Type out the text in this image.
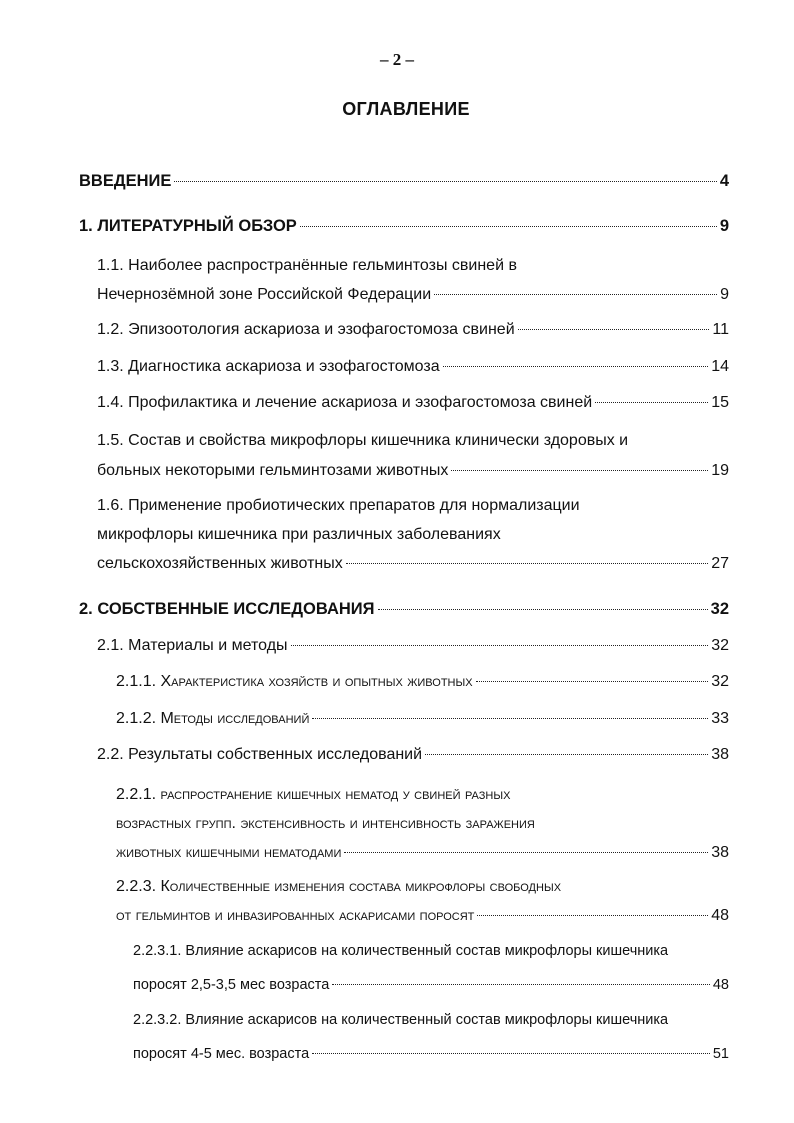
– 2 –
ОГЛАВЛЕНИЕ
ВВЕДЕНИЕ	4
1. ЛИТЕРАТУРНЫЙ ОБЗОР	9
1.1. Наиболее распространённые гельминтозы свиней в
Нечернозёмной зоне Российской Федерации	9
1.2. Эпизоотология аскариоза и эзофагостомоза свиней	11
1.3. Диагностика аскариоза и эзофагостомоза	14
1.4. Профилактика и лечение аскариоза и эзофагостомоза свиней	15
1.5. Состав и свойства микрофлоры кишечника клинически здоровых и
больных некоторыми гельминтозами животных	19
1.6. Применение пробиотических препаратов для нормализации
микрофлоры кишечника при различных заболеваниях
сельскохозяйственных животных	27
2. СОБСТВЕННЫЕ ИССЛЕДОВАНИЯ	32
2.1. Материалы и методы	32
2.1.1. Характеристика хозяйств и опытных животных	32
2.1.2. Методы исследований	33
2.2. Результаты собственных исследований	38
2.2.1. распространение кишечных нематод у свиней разных
возрастных групп. экстенсивность и интенсивность заражения
животных кишечными нематодами	38
2.2.3. Количественные изменения состава микрофлоры свободных
от гельминтов и инвазированных аскарисами поросят	48
2.2.3.1. Влияние аскарисов на количественный состав микрофлоры кишечника
поросят 2,5-3,5 мес возраста	48
2.2.3.2. Влияние аскарисов на количественный состав микрофлоры кишечника
поросят 4-5 мес. возраста	51
